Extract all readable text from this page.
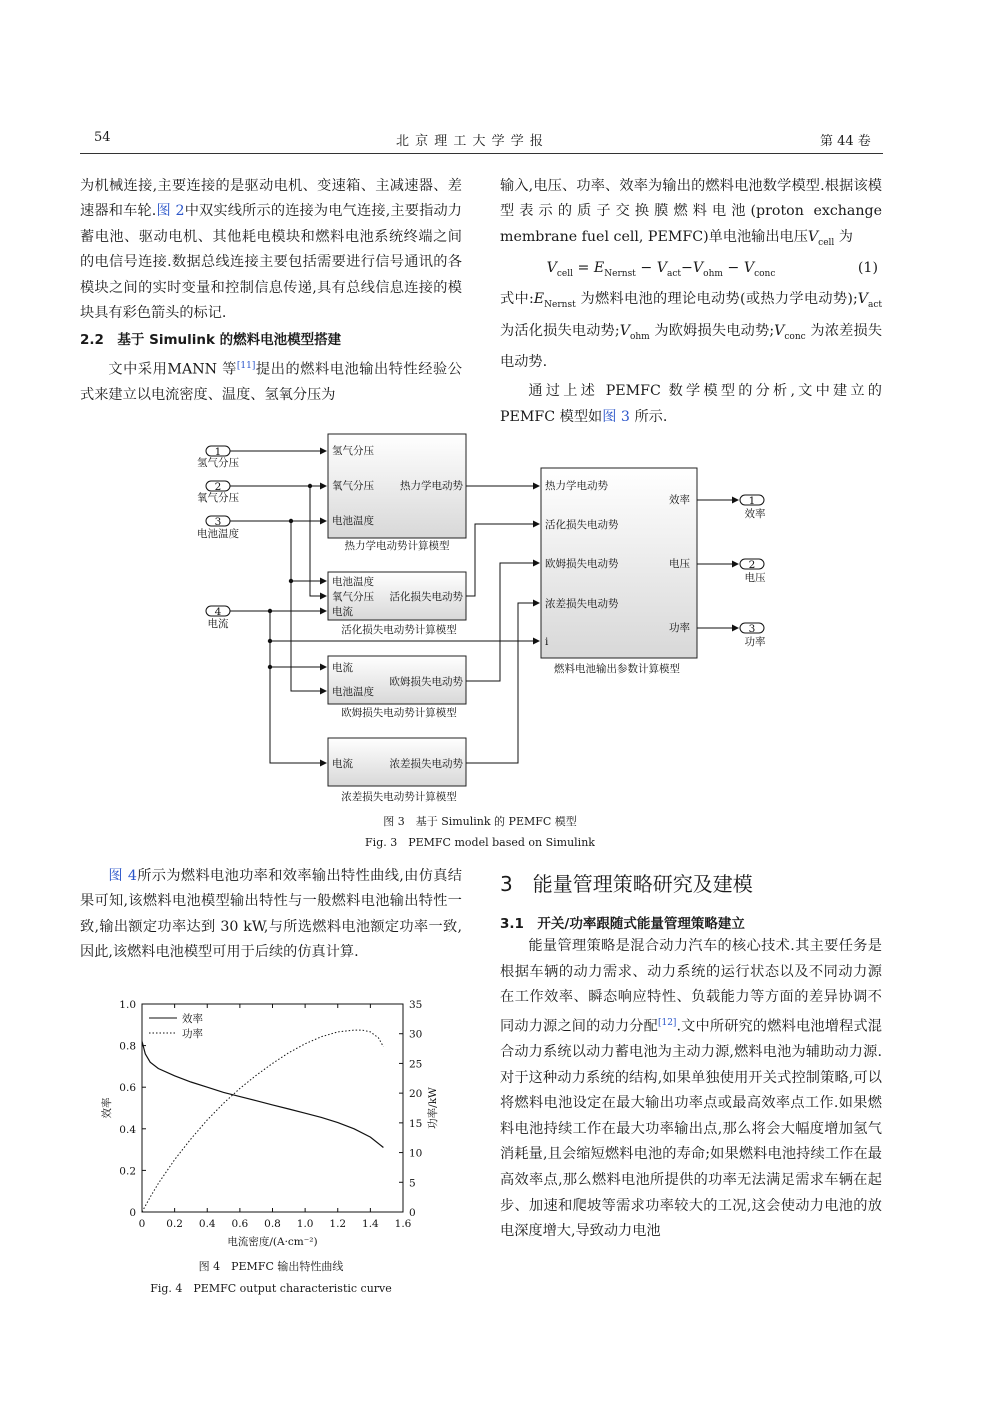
54	北 京 理 工 大 学 学 报	第 44 卷

为机械连接,主要连接的是驱动电机、变速箱、主减速器、差速器和车轮.图 2中双实线所示的连接为电气连接,主要指动力蓄电池、驱动电机、其他耗电模块和燃料电池系统终端之间的电信号连接.数据总线连接主要包括需要进行信号通讯的各模块之间的实时变量和控制信息传递,具有总线信息连接的模块具有彩色箭头的标记.

2.2　基于 Simulink 的燃料电池模型搭建

文中采用MANN 等[11]提出的燃料电池输出特性经验公式来建立以电流密度、温度、氢氧分压为

输入,电压、功率、效率为输出的燃料电池数学模型.根据该模型表示的质子交换膜燃料电池(proton exchange membrane fuel cell, PEMFC)单电池输出电压$V_{cell}$ 为

$V_{cell} = E_{Nernst} - V_{act}-V_{ohm} - V_{conc}$	(1)

式中$:E_{Nernst}$ 为燃料电池的理论电动势(或热力学电动势)$;V_{act}$ 为活化损失电动势$;V_{ohm}$ 为欧姆损失电动势$;V_{conc}$ 为浓差损失电动势.

通过上述 PEMFC 数学模型的分析,文中建立的 PEMFC 模型如图 3 所示.

1
氢气分压
2
氧气分压
3
电池温度
4
电流
氢气分压
氧气分压
电池温度
热力学电动势
热力学电动势计算模型
电池温度
氧气分压
电流
活化损失电动势
活化损失电动势计算模型
电流
电池温度
欧姆损失电动势
欧姆损失电动势计算模型
电流	浓差损失电动势
浓差损失电动势计算模型
热力学电动势
活化损失电动势
欧姆损失电动势
浓差损失电动势
i
效率
电压
功率
燃料电池输出参数计算模型
1
效率
2
电压
3
功率
图 3　基于 Simulink 的 PEMFC 模型
Fig. 3　PEMFC model based on Simulink

图 4所示为燃料电池功率和效率输出特性曲线,由仿真结果可知,该燃料电池模型输出特性与一般燃料电池输出特性一致,输出额定功率达到 30 kW,与所选燃料电池额定功率一致,因此,该燃料电池模型可用于后续的仿真计算.

0 0.2 0.4 0.6 0.8 1.0 1.2 1.4 1.6
0
0.2
0.4
0.6
0.8
1.0
0
5
10
15
20
25
30
35
电流密度/(A·cm⁻²)
效率	功率/kW
效率
功率
图 4　PEMFC 输出特性曲线
Fig. 4　PEMFC output characteristic curve
3　能量管理策略研究及建模
3.1　开关/功率跟随式能量管理策略建立

能量管理策略是混合动力汽车的核心技术.其主要任务是根据车辆的动力需求、动力系统的运行状态以及不同动力源在工作效率、瞬态响应特性、负载能力等方面的差异协调不同动力源之间的动力分配[12].文中所研究的燃料电池增程式混合动力系统以动力蓄电池为主动力源,燃料电池为辅助动力源.对于这种动力系统的结构,如果单独使用开关式控制策略,可以将燃料电池设定在最大输出功率点或最高效率点工作.如果燃料电池持续工作在最大功率输出点,那么将会大幅度增加氢气消耗量,且会缩短燃料电池的寿命;如果燃料电池持续工作在最高效率点,那么燃料电池所提供的功率无法满足需求车辆在起步、加速和爬坡等需求功率较大的工况,这会使动力电池的放电深度增大,导致动力电池
